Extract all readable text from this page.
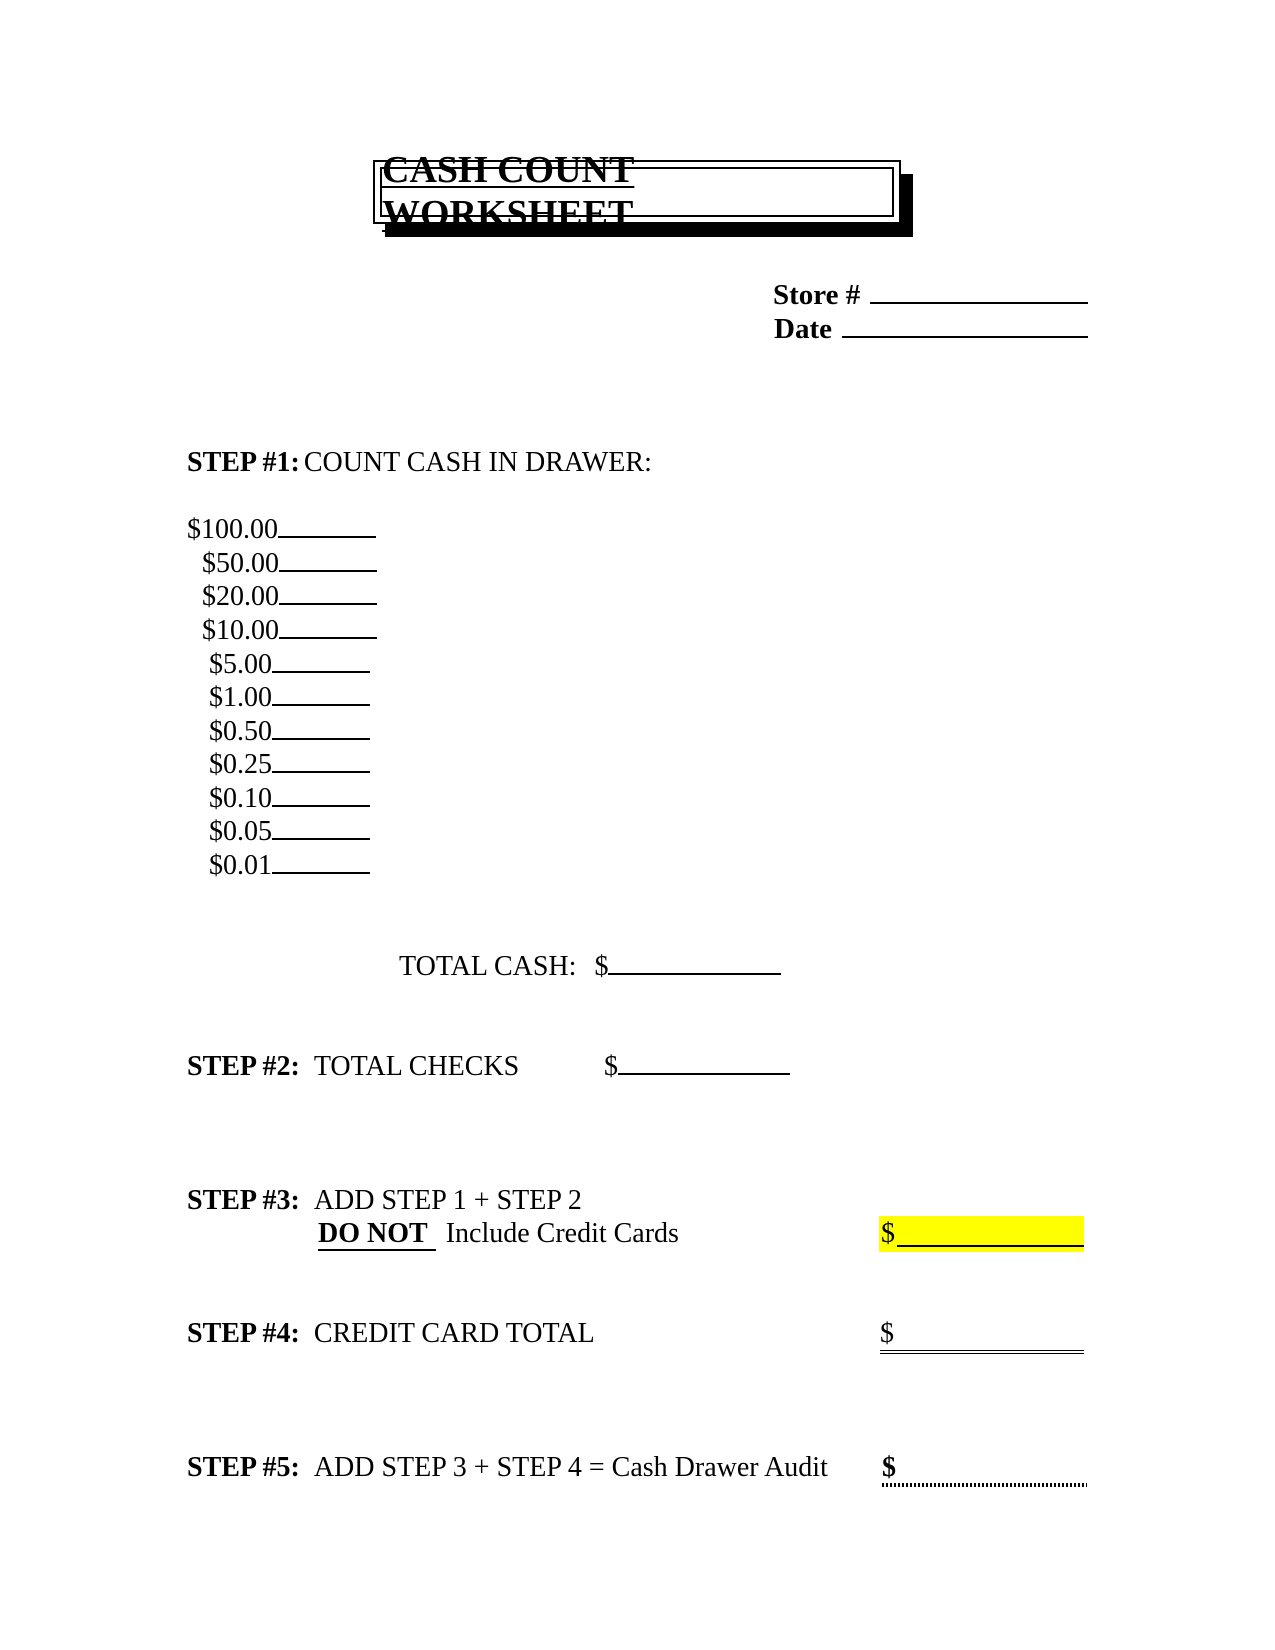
CASH COUNT WORKSHEET
Store #
Date
STEP #1: COUNT CASH IN DRAWER:
$100.00
$50.00
$20.00
$10.00
$5.00
$1.00
$0.50
$0.25
$0.10
$0.05
$0.01
TOTAL CASH: $
STEP #2: TOTAL CHECKS	$
STEP #3: ADD STEP 1 + STEP 2
DO NOT Include Credit Cards	$
STEP #4: CREDIT CARD TOTAL	$
STEP #5: ADD STEP 3 + STEP 4 = Cash Drawer Audit $
